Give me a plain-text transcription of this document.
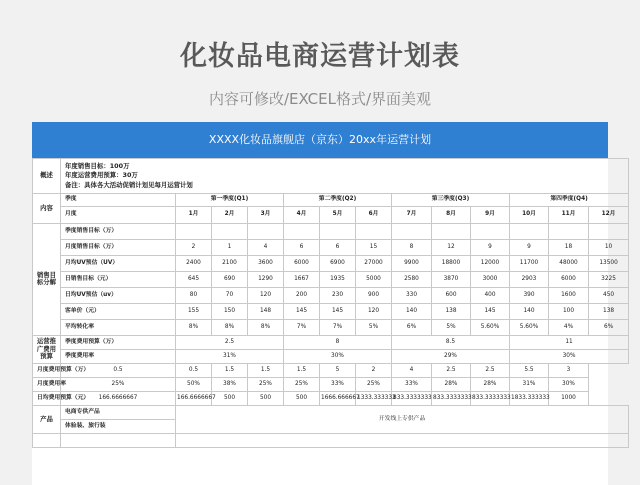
化妆品电商运营计划表
内容可修改/EXCEL格式/界面美观
XXXX化妆品旗舰店（京东）20xx年运营计划
概述	年度销售目标：100万
年度运营费用预算：30万
备注：具体各大活动促销计划见每月运营计划												

内容	季度	第一季度(Q1)			第二季度(Q2)			第三季度(Q3)			第四季度(Q4)		
	月度	1月	2月	3月	4月	5月	6月	7月	8月	9月	10月	11月	12月
销售目标分解	季度销售目标（万）												
	月度销售目标（万）	2	1	4	6	6	15	8	12	9	9	18	10
	月均UV预估（UV）	2400	2100	3600	6000	6900	27000	9900	18800	12000	11700	48000	13500
	日销售目标（元）	645	690	1290	1667	1935	5000	2580	3870	3000	2903	6000	3225
	日均UV预估（uv）	80	70	120	200	230	900	330	600	400	390	1600	450
	客单价（元）	155	150	148	145	145	120	140	138	145	140	100	138
	平均转化率	8%	8%	8%	7%	7%	5%	6%	5%	5.60%	5.60%	4%	6%
运营推广费用预算	季度费用预算（万）	2.5			8			8.5			11		
	季度费用率	31%			30%			29%			30%		
月度费用预算（万）	0.5	0.5	1.5	1.5	1.5	5	2	4	2.5	2.5	5.5	3	
月度费用率	25%	50%	38%	25%	25%	33%	25%	33%	28%	28%	31%	30%	
日均费用预算（元）	166.6666667	166.6666667	500	500	500	1666.666667	1333.333333	833.3333333	833.3333333	833.3333333	1833.333333	1000	
产品	电商专供产品	开发线上专供产品											
	体验装、旅行装												
